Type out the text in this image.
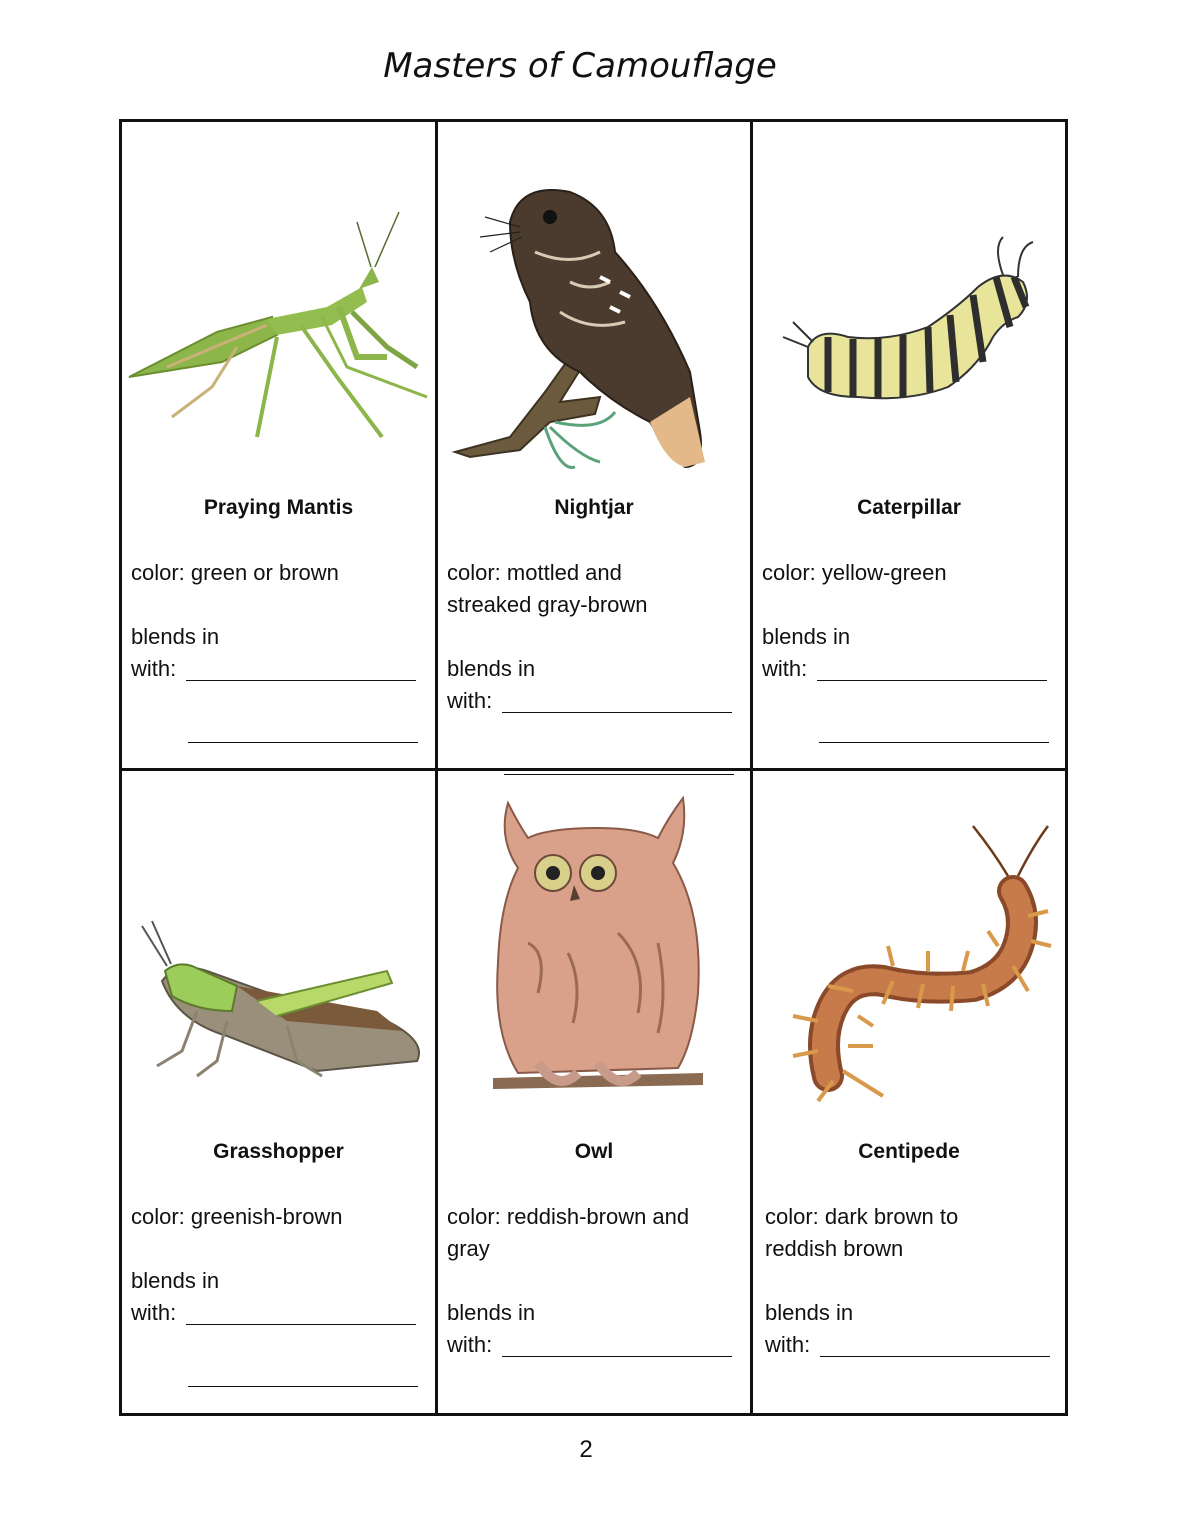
Masters of Camouflage
Praying Mantis
color: green or brown
blends in
with:
Nightjar
color: mottled and
streaked gray-brown
blends in
with:
Caterpillar
color: yellow-green
blends in
with:
Grasshopper
color: greenish-brown
blends in
with:
Owl
color: reddish-brown and
gray
blends in
with:
Centipede
color: dark brown to
reddish brown
blends in
with:
2
